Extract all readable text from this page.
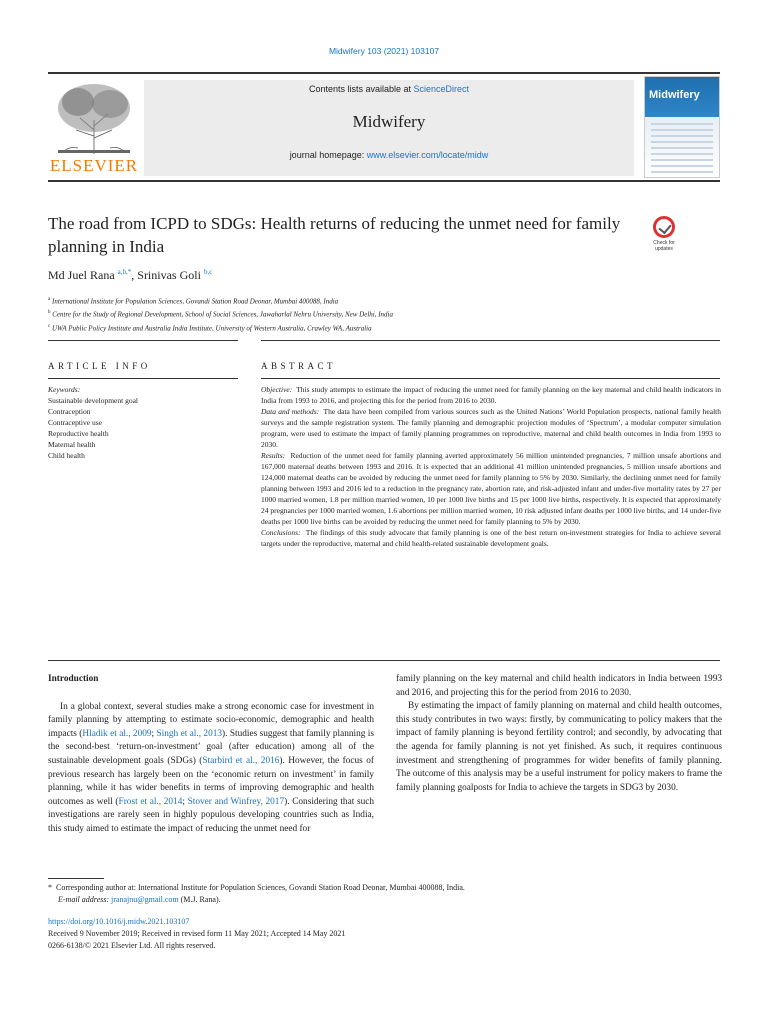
Midwifery 103 (2021) 103107
ELSEVIER
Contents lists available at ScienceDirect
Midwifery
journal homepage: www.elsevier.com/locate/midw
Midwifery
The road from ICPD to SDGs: Health returns of reducing the unmet need for family planning in India	Check for updates
Md Juel Rana $^{a,b,*}$, Srinivas Goli $^{b,c}$
$^a$ International Institute for Population Sciences, Govandi Station Road Deonar, Mumbai 400088, India
$^b$ Centre for the Study of Regional Development, School of Social Sciences, Jawaharlal Nehru University, New Delhi, India
$^c$ UWA Public Policy Institute and Australia India Institute, University of Western Australia, Crawley WA, Australia
ARTICLE INFO	ABSTRACT
Keywords:
Sustainable development goal
Contraception
Contraceptive use
Reproductive health
Maternal health
Child health
Objective: This study attempts to estimate the impact of reducing the unmet need for family planning on the key maternal and child health indicators in India from 1993 to 2016, and projecting this for the period from 2016 to 2030.
Data and methods: The data have been compiled from various sources such as the United Nations’ World Population prospects, national family health surveys and the sample registration system. The family planning and demographic projection modules of ‘Spectrum’, a modular computer simulation program, were used to estimate the impact of family planning programmes on reproductive, maternal and child health outcomes in India from 1993 to 2030.
Results: Reduction of the unmet need for family planning averted approximately 56 million unintended pregnancies, 7 million unsafe abortions and 167,000 maternal deaths between 1993 and 2016. It is expected that an additional 41 million unintended pregnancies, 5 million unsafe abortions and 124,000 maternal deaths can be avoided by reducing the unmet need for family planning to 5% by 2030. Similarly, the declining unmet need for family planning between 1993 and 2016 led to a reduction in the pregnancy rate, abortion rate, and risk-adjusted infant and under-five mortality rates by 27 per 1000 married women, 1.8 per million married women, 10 per 1000 live births and 15 per 1000 live births, respectively. It is expected that approximately 24 pregnancies per 1000 married women, 1.6 abortions per million married women, 10 risk adjusted infant deaths per 1000 live births, and 14 under-five deaths per 1000 live births can be avoided by reducing the unmet need for family planning to 5% by 2030.
Conclusions: The findings of this study advocate that family planning is one of the best return on-investment strategies for India to achieve several targets under the reproductive, maternal and child health-related sustainable development goals.
Introduction

In a global context, several studies make a strong economic case for investment in family planning by attempting to estimate socio-economic, demographic and health impacts (Hladik et al., 2009; Singh et al., 2013). Studies suggest that family planning is the second-best ‘return-on-investment’ goal (after education) among all of the sustainable development goals (SDGs) (Starbird et al., 2016). However, the focus of previous research has largely been on the ‘economic return on investment’ in family planning, while it has wider benefits in terms of improving demographic and health outcomes as well (Frost et al., 2014; Stover and Winfrey, 2017). Considering that such investigations are rarely seen in highly populous developing countries such as India, this study aimed to estimate the impact of reducing the unmet need for

family planning on the key maternal and child health indicators in India between 1993 and 2016, and projecting this for the period from 2016 to 2030.

By estimating the impact of family planning on maternal and child health outcomes, this study contributes in two ways: firstly, by communicating to policy makers that the impact of family planning is beyond fertility control; and secondly, by advocating that the agenda for family planning is not yet finished. As such, it requires continuous investment and strengthening of programmes for wider benefits of family planning. The outcome of this analysis may be a useful instrument for policy makers to frame the family planning goalposts for India to achieve the targets in SDG3 by 2030.

* Corresponding author at: International Institute for Population Sciences, Govandi Station Road Deonar, Mumbai 400088, India.
E-mail address: jranajnu@gmail.com (M.J. Rana).
https://doi.org/10.1016/j.midw.2021.103107
Received 9 November 2019; Received in revised form 11 May 2021; Accepted 14 May 2021
0266-6138/© 2021 Elsevier Ltd. All rights reserved.
